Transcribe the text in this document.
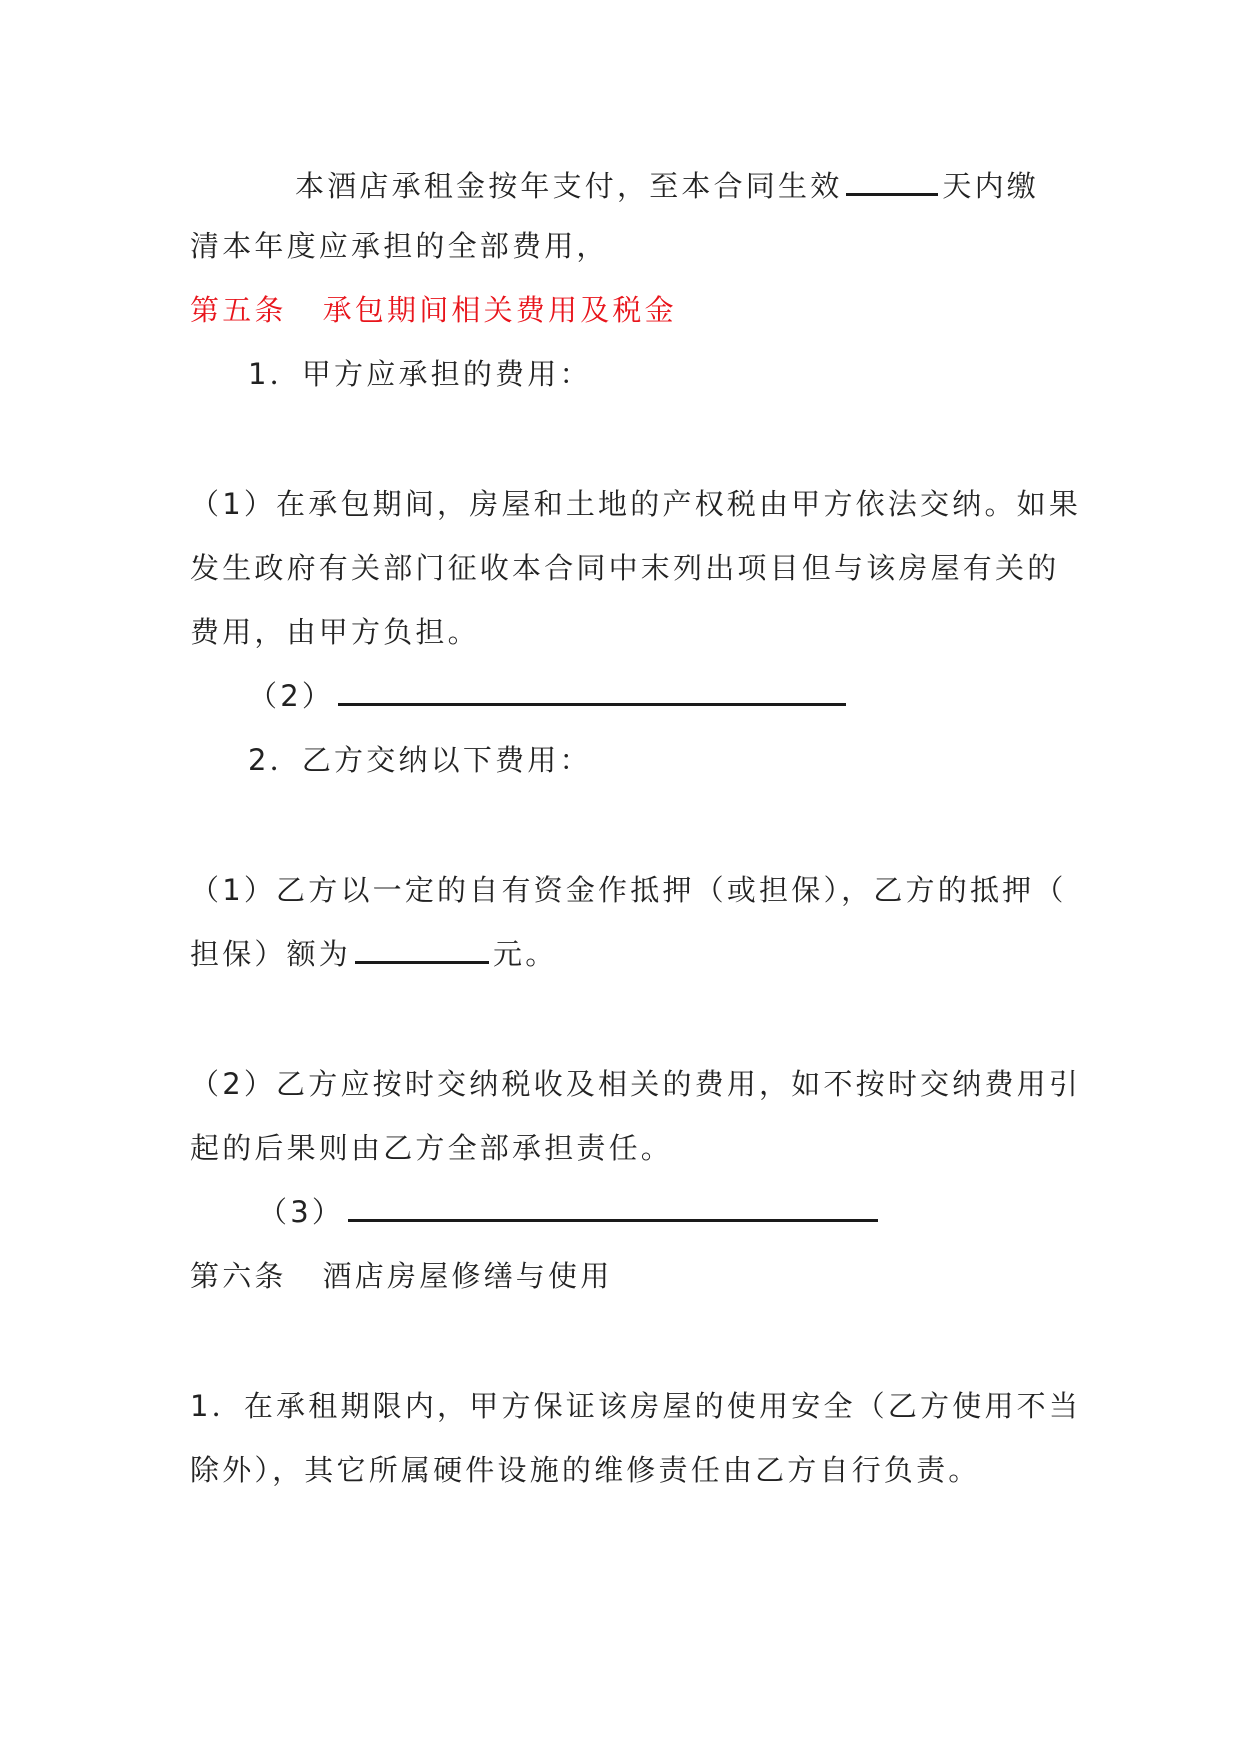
本酒店承租金按年支付，至本合同生效	天内缴
清本年度应承担的全部费用，
第五条 承包期间相关费用及税金
1．甲方应承担的费用：
（1）在承包期间，房屋和土地的产权税由甲方依法交纳。如果
发生政府有关部门征收本合同中末列出项目但与该房屋有关的
费用，由甲方负担。
（2）
2．乙方交纳以下费用：
（1）乙方以一定的自有资金作抵押（或担保），乙方的抵押（
担保）额为	元。
（2）乙方应按时交纳税收及相关的费用，如不按时交纳费用引
起的后果则由乙方全部承担责任。
（3）
第六条 酒店房屋修缮与使用
1．在承租期限内，甲方保证该房屋的使用安全（乙方使用不当
除外），其它所属硬件设施的维修责任由乙方自行负责。
